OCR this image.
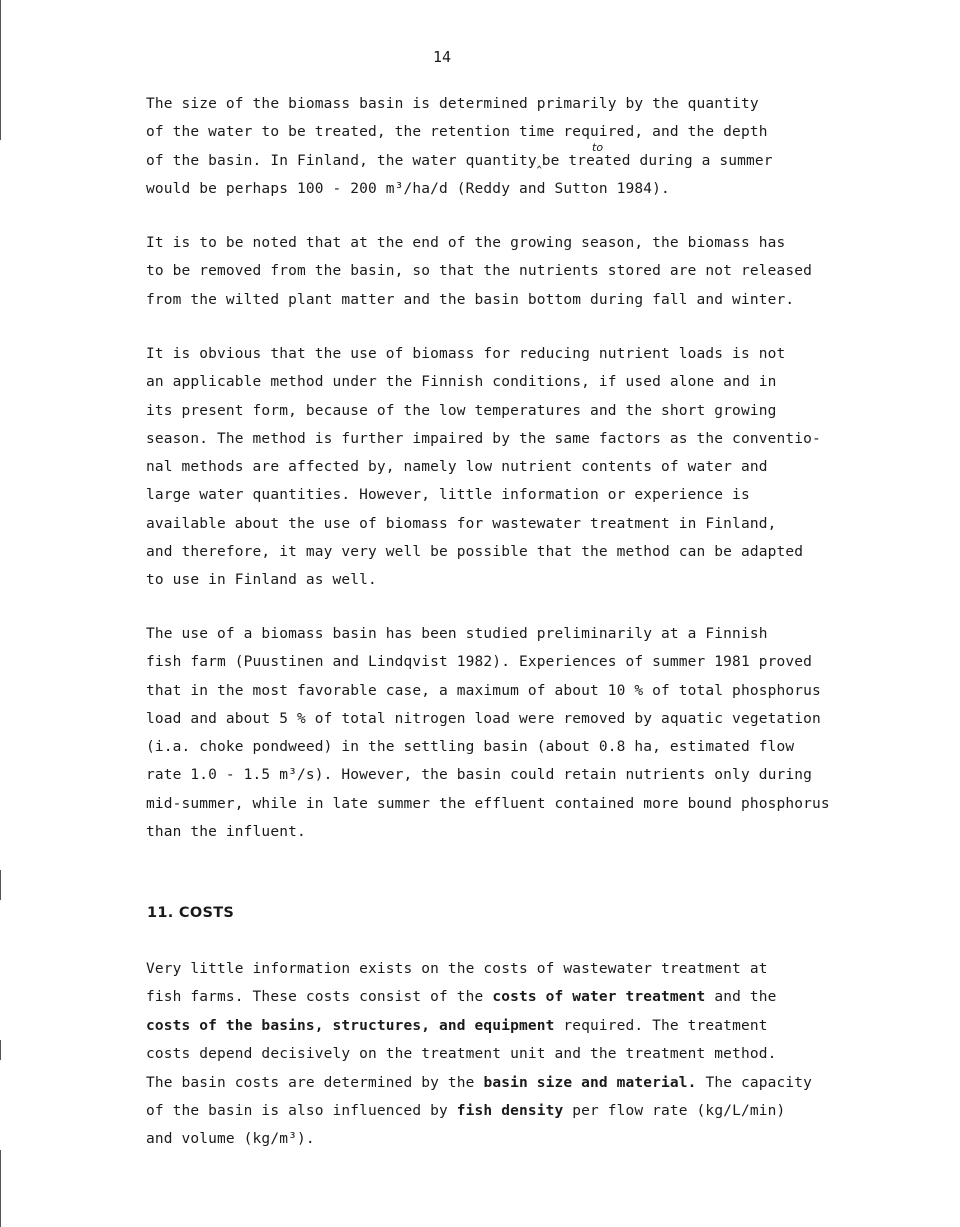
14
The size of the biomass basin is determined primarily by the quantity
of the water to be treated, the retention time required, and the depth
of the basin. In Finland, the water quantity‸be treated during a summer
would be perhaps 100 - 200 m³/ha/d (Reddy and Sutton 1984).
to
It is to be noted that at the end of the growing season, the biomass has
to be removed from the basin, so that the nutrients stored are not released
from the wilted plant matter and the basin bottom during fall and winter.
It is obvious that the use of biomass for reducing nutrient loads is not
an applicable method under the Finnish conditions, if used alone and in
its present form, because of the low temperatures and the short growing
season. The method is further impaired by the same factors as the conventio-
nal methods are affected by, namely low nutrient contents of water and
large water quantities. However, little information or experience is
available about the use of biomass for wastewater treatment in Finland,
and therefore, it may very well be possible that the method can be adapted
to use in Finland as well.
The use of a biomass basin has been studied preliminarily at a Finnish
fish farm (Puustinen and Lindqvist 1982). Experiences of summer 1981 proved
that in the most favorable case, a maximum of about 10 % of total phosphorus
load and about 5 % of total nitrogen load were removed by aquatic vegetation
(i.a. choke pondweed) in the settling basin (about 0.8 ha, estimated flow
rate 1.0 - 1.5 m³/s). However, the basin could retain nutrients only during
mid-summer, while in late summer the effluent contained more bound phosphorus
than the influent.
11. COSTS
Very little information exists on the costs of wastewater treatment at
fish farms. These costs consist of the costs of water treatment and the
costs of the basins, structures, and equipment required. The treatment
costs depend decisively on the treatment unit and the treatment method.
The basin costs are determined by the basin size and material. The capacity
of the basin is also influenced by fish density per flow rate (kg/L/min)
and volume (kg/m³).
